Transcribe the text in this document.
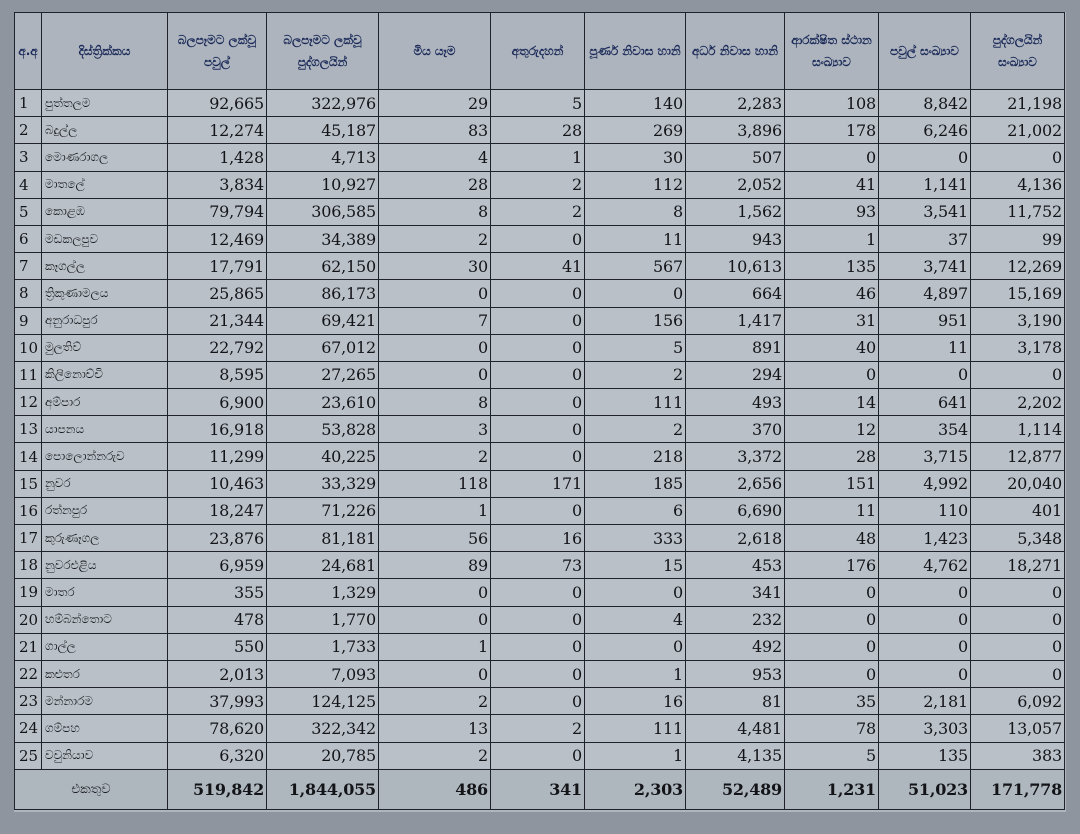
අ.අ	දිස්ත්‍රික්කය	බලපෑමට ලක්වූ පවුල්	බලපෑමට ලක්වූ පුද්ගලයින්	මිය යෑම	අතුරුදහන්	පූර්ණ නිවාස හානි	අර්ධ නිවාස හානි	ආරක්ෂිත ස්ථාන සංඛ්‍යාව	පවුල් සංඛ්‍යාව	පුද්ගලයින් සංඛ්‍යාව
1	පුත්තලම	92,665	322,976	29	5	140	2,283	108	8,842	21,198
2	බදුල්ල	12,274	45,187	83	28	269	3,896	178	6,246	21,002
3	මොණරාගල	1,428	4,713	4	1	30	507	0	0	0
4	මාතලේ	3,834	10,927	28	2	112	2,052	41	1,141	4,136
5	කොළඹ	79,794	306,585	8	2	8	1,562	93	3,541	11,752
6	මඩකලපුව	12,469	34,389	2	0	11	943	1	37	99
7	කෑගල්ල	17,791	62,150	30	41	567	10,613	135	3,741	12,269
8	ත්‍රිකුණාමලය	25,865	86,173	0	0	0	664	46	4,897	15,169
9	අනුරාධපුර	21,344	69,421	7	0	156	1,417	31	951	3,190
10	මුලතිව්	22,792	67,012	0	0	5	891	40	11	3,178
11	කිලිනොච්චි	8,595	27,265	0	0	2	294	0	0	0
12	අම්පාර	6,900	23,610	8	0	111	493	14	641	2,202
13	යාපනය	16,918	53,828	3	0	2	370	12	354	1,114
14	පොලොන්නරුව	11,299	40,225	2	0	218	3,372	28	3,715	12,877
15	නුවර	10,463	33,329	118	171	185	2,656	151	4,992	20,040
16	රත්නපුර	18,247	71,226	1	0	6	6,690	11	110	401
17	කුරුණෑගල	23,876	81,181	56	16	333	2,618	48	1,423	5,348
18	නුවරඑළිය	6,959	24,681	89	73	15	453	176	4,762	18,271
19	මාතර	355	1,329	0	0	0	341	0	0	0
20	හම්බන්තොට	478	1,770	0	0	4	232	0	0	0
21	ගාල්ල	550	1,733	1	0	0	492	0	0	0
22	කළුතර	2,013	7,093	0	0	1	953	0	0	0
23	මන්නාරම	37,993	124,125	2	0	16	81	35	2,181	6,092
24	ගම්පහ	78,620	322,342	13	2	111	4,481	78	3,303	13,057
25	වවුනියාව	6,320	20,785	2	0	1	4,135	5	135	383
එකතුව		519,842	1,844,055	486	341	2,303	52,489	1,231	51,023	171,778
